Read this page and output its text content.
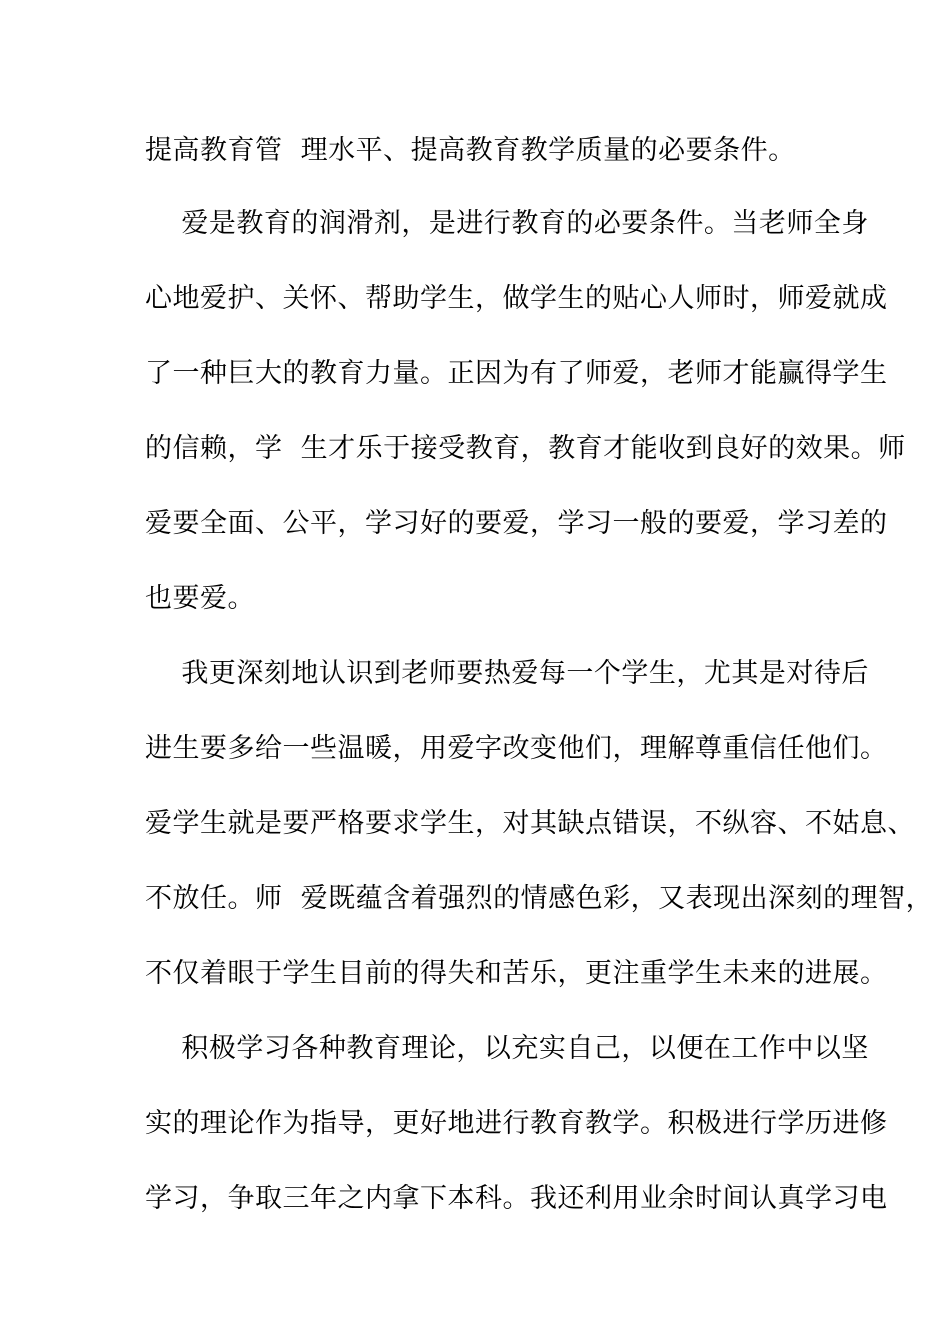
提高教育管  理水平、提高教育教学质量的必要条件。
爱是教育的润滑剂，是进行教育的必要条件。当老师全身
心地爱护、关怀、帮助学生，做学生的贴心人师时，师爱就成
了一种巨大的教育力量。正因为有了师爱，老师才能赢得学生
的信赖，学  生才乐于接受教育，教育才能收到良好的效果。师
爱要全面、公平，学习好的要爱，学习一般的要爱，学习差的
也要爱。
我更深刻地认识到老师要热爱每一个学生，尤其是对待后
进生要多给一些温暖，用爱字改变他们，理解尊重信任他们。
爱学生就是要严格要求学生，对其缺点错误，不纵容、不姑息、
不放任。师  爱既蕴含着强烈的情感色彩，又表现出深刻的理智，
不仅着眼于学生目前的得失和苦乐，更注重学生未来的进展。
积极学习各种教育理论，以充实自己，以便在工作中以坚
实的理论作为指导，更好地进行教育教学。积极进行学历进修
学习，争取三年之内拿下本科。我还利用业余时间认真学习电
